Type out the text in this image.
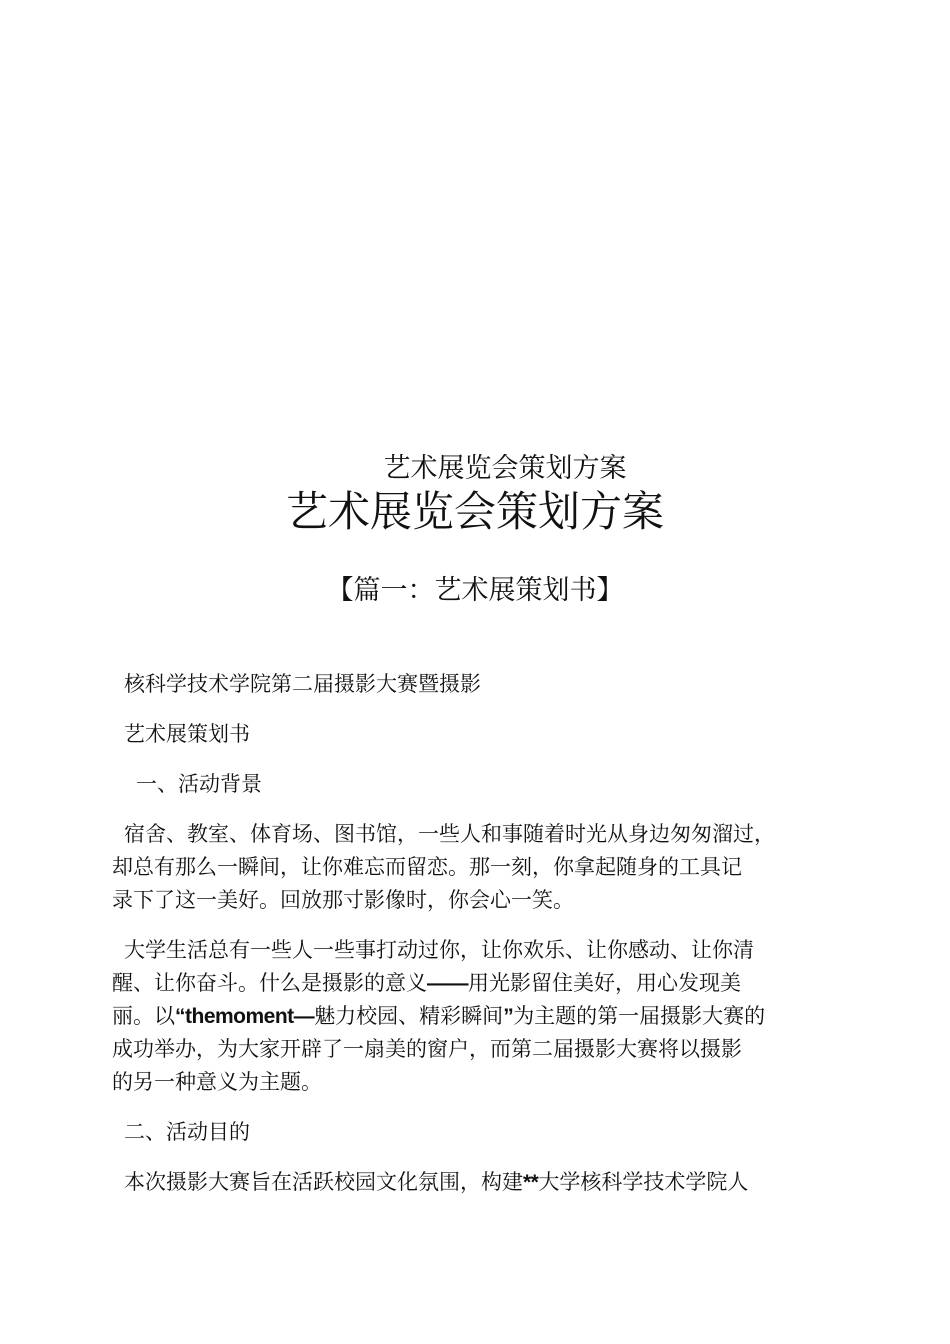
艺术展览会策划方案
艺术展览会策划方案
【篇一：艺术展策划书】
核科学技术学院第二届摄影大赛暨摄影
艺术展策划书
一、活动背景
宿舍、教室、体育场、图书馆，一些人和事随着时光从身边匆匆溜过，
却总有那么一瞬间，让你难忘而留恋。那一刻，你拿起随身的工具记
录下了这一美好。回放那寸影像时，你会心一笑。
大学生活总有一些人一些事打动过你，让你欢乐、让你感动、让你清
醒、让你奋斗。什么是摄影的意义——用光影留住美好，用心发现美
丽。以“themoment—魅力校园、精彩瞬间”为主题的第一届摄影大赛的
成功举办，为大家开辟了一扇美的窗户，而第二届摄影大赛将以摄影
的另一种意义为主题。
二、活动目的
本次摄影大赛旨在活跃校园文化氛围，构建**大学核科学技术学院人
